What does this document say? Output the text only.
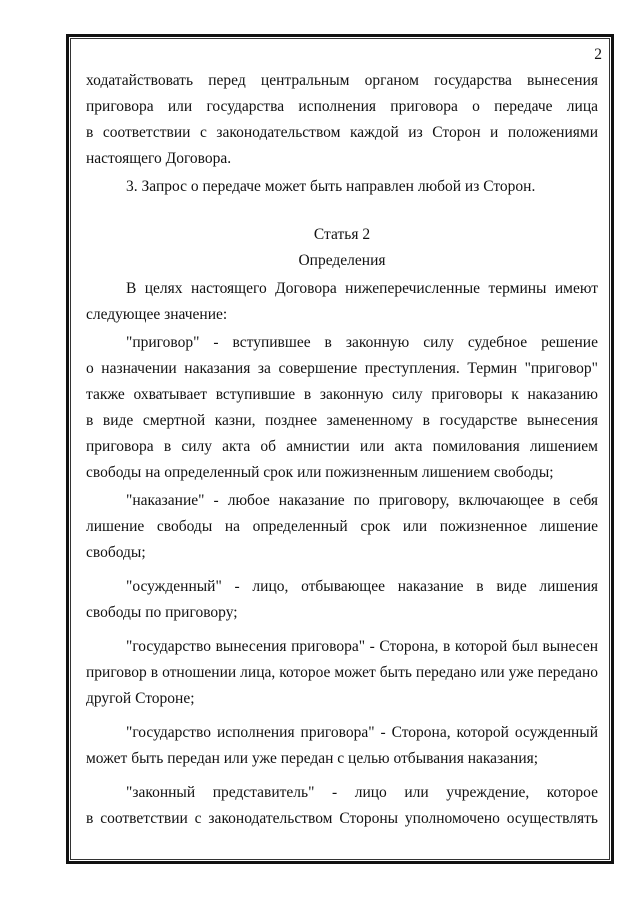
2

ходатайствовать перед центральным органом государства вынесения

приговора или государства исполнения приговора о передаче лица

в соответствии с законодательством каждой из Сторон и положениями

настоящего Договора.

3. Запрос о передаче может быть направлен любой из Сторон.

Статья 2

Определения

В целях настоящего Договора нижеперечисленные термины имеют

следующее значение:

"приговор" - вступившее в законную силу судебное решение

о назначении наказания за совершение преступления. Термин "приговор"

также охватывает вступившие в законную силу приговоры к наказанию

в виде смертной казни, позднее замененному в государстве вынесения

приговора в силу акта об амнистии или акта помилования лишением

свободы на определенный срок или пожизненным лишением свободы;

"наказание" - любое наказание по приговору, включающее в себя

лишение свободы на определенный срок или пожизненное лишение

свободы;

"осужденный" - лицо, отбывающее наказание в виде лишения

свободы по приговору;

"государство вынесения приговора" - Сторона, в которой был вынесен

приговор в отношении лица, которое может быть передано или уже передано

другой Стороне;

"государство исполнения приговора" - Сторона, которой осужденный

может быть передан или уже передан с целью отбывания наказания;

"законный представитель" - лицо или учреждение, которое

в соответствии с законодательством Стороны уполномочено осуществлять
